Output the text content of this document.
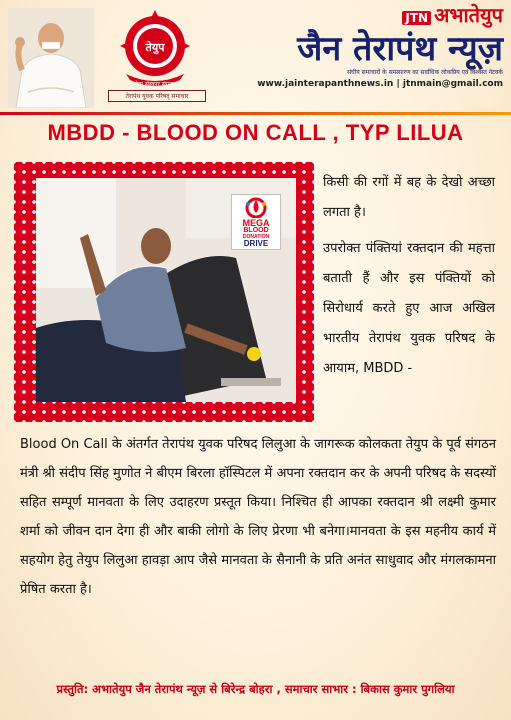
तेयुप
सेवा संस्कार संगठन
तेरापंथ युवक परिषद् समाचार
JTN अभातेयुप
जैन तेरापंथ न्यूज़
संघीय समाचारों के सम्प्रसारण का सर्वाधिक लोकप्रिय एवं विश्वस्त नेटवर्क
www.jainterapanthnews.in | jtnmain@gmail.com
MBDD - BLOOD ON CALL , TYP LILUA
MEGA
BLOOD
DONATION
DRIVE

किसी की रगों में बह के देखो अच्छा लगता है।

उपरोक्त पंक्तियां रक्तदान की महत्ता बताती हैं और इस पंक्तियों को सिरोधार्य करते हुए आज अखिल भारतीय तेरापंथ युवक परिषद के आयाम, MBDD -

Blood On Call के अंतर्गत तेरापंथ युवक परिषद लिलुआ के जागरूक कोलकता तेयुप के पूर्व संगठन मंत्री श्री संदीप सिंह मुणोत ने बीएम बिरला हॉस्पिटल में अपना रक्तदान कर के अपनी परिषद के सदस्यों सहित सम्पूर्ण मानवता के लिए उदाहरण प्रस्तूत किया। निश्चित ही आपका रक्तदान श्री लक्ष्मी कुमार शर्मा को जीवन दान देगा ही और बाकी लोगो के लिए प्रेरणा भी बनेगा।मानवता के इस महनीय कार्य में सहयोग हेतु तेयुप लिलुआ हावड़ा आप जैसे मानवता के सैनानी के प्रति अनंत साधुवाद और मंगलकामना प्रेषित करता है।
प्रस्तुति: अभातेयुप जैन तेरापंथ न्यूज़ से बिरेन्द्र बोहरा , समाचार साभार : बिकास कुमार पुगलिया
